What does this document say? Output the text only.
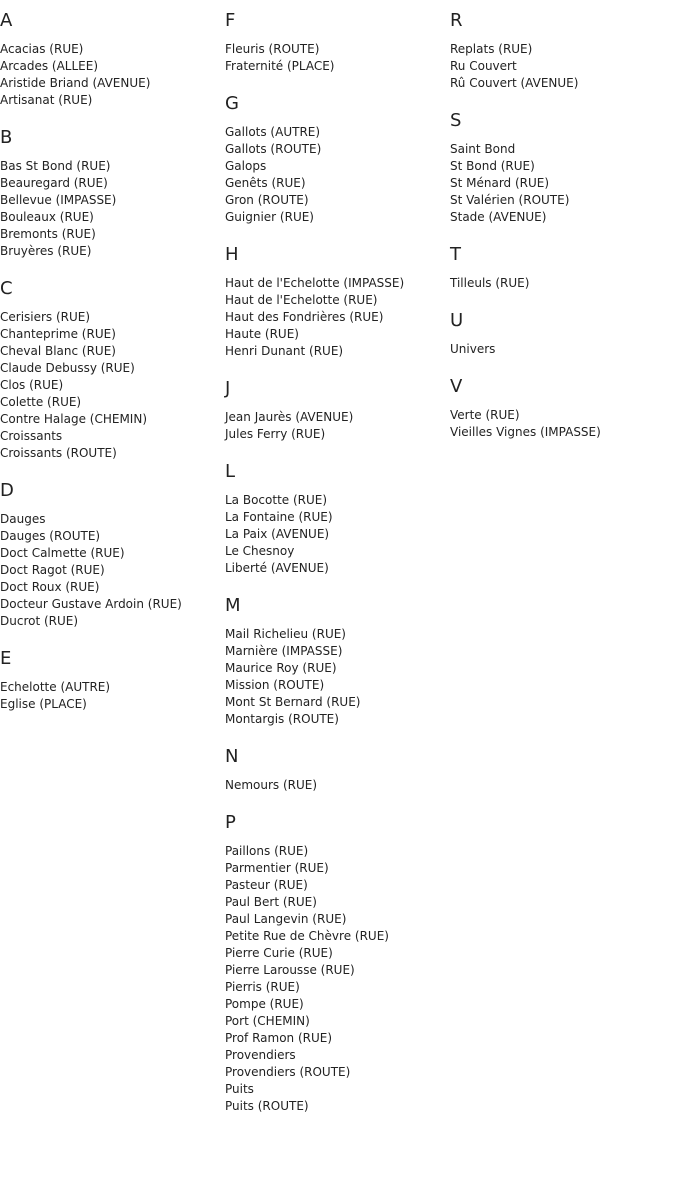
A
Acacias (RUE)
Arcades (ALLEE)
Aristide Briand (AVENUE)
Artisanat (RUE)
B
Bas St Bond (RUE)
Beauregard (RUE)
Bellevue (IMPASSE)
Bouleaux (RUE)
Bremonts (RUE)
Bruyères (RUE)
C
Cerisiers (RUE)
Chanteprime (RUE)
Cheval Blanc (RUE)
Claude Debussy (RUE)
Clos (RUE)
Colette (RUE)
Contre Halage (CHEMIN)
Croissants
Croissants (ROUTE)
D
Dauges
Dauges (ROUTE)
Doct Calmette (RUE)
Doct Ragot (RUE)
Doct Roux (RUE)
Docteur Gustave Ardoin (RUE)
Ducrot (RUE)
E
Echelotte (AUTRE)
Eglise (PLACE)
F
Fleuris (ROUTE)
Fraternité (PLACE)
G
Gallots (AUTRE)
Gallots (ROUTE)
Galops
Genêts (RUE)
Gron (ROUTE)
Guignier (RUE)
H
Haut de l'Echelotte (IMPASSE)
Haut de l'Echelotte (RUE)
Haut des Fondrières (RUE)
Haute (RUE)
Henri Dunant (RUE)
J
Jean Jaurès (AVENUE)
Jules Ferry (RUE)
L
La Bocotte (RUE)
La Fontaine (RUE)
La Paix (AVENUE)
Le Chesnoy
Liberté (AVENUE)
M
Mail Richelieu (RUE)
Marnière (IMPASSE)
Maurice Roy (RUE)
Mission (ROUTE)
Mont St Bernard (RUE)
Montargis (ROUTE)
N
Nemours (RUE)
P
Paillons (RUE)
Parmentier (RUE)
Pasteur (RUE)
Paul Bert (RUE)
Paul Langevin (RUE)
Petite Rue de Chèvre (RUE)
Pierre Curie (RUE)
Pierre Larousse (RUE)
Pierris (RUE)
Pompe (RUE)
Port (CHEMIN)
Prof Ramon (RUE)
Provendiers
Provendiers (ROUTE)
Puits
Puits (ROUTE)
R
Replats (RUE)
Ru Couvert
Rû Couvert (AVENUE)
S
Saint Bond
St Bond (RUE)
St Ménard (RUE)
St Valérien (ROUTE)
Stade (AVENUE)
T
Tilleuls (RUE)
U
Univers
V
Verte (RUE)
Vieilles Vignes (IMPASSE)
